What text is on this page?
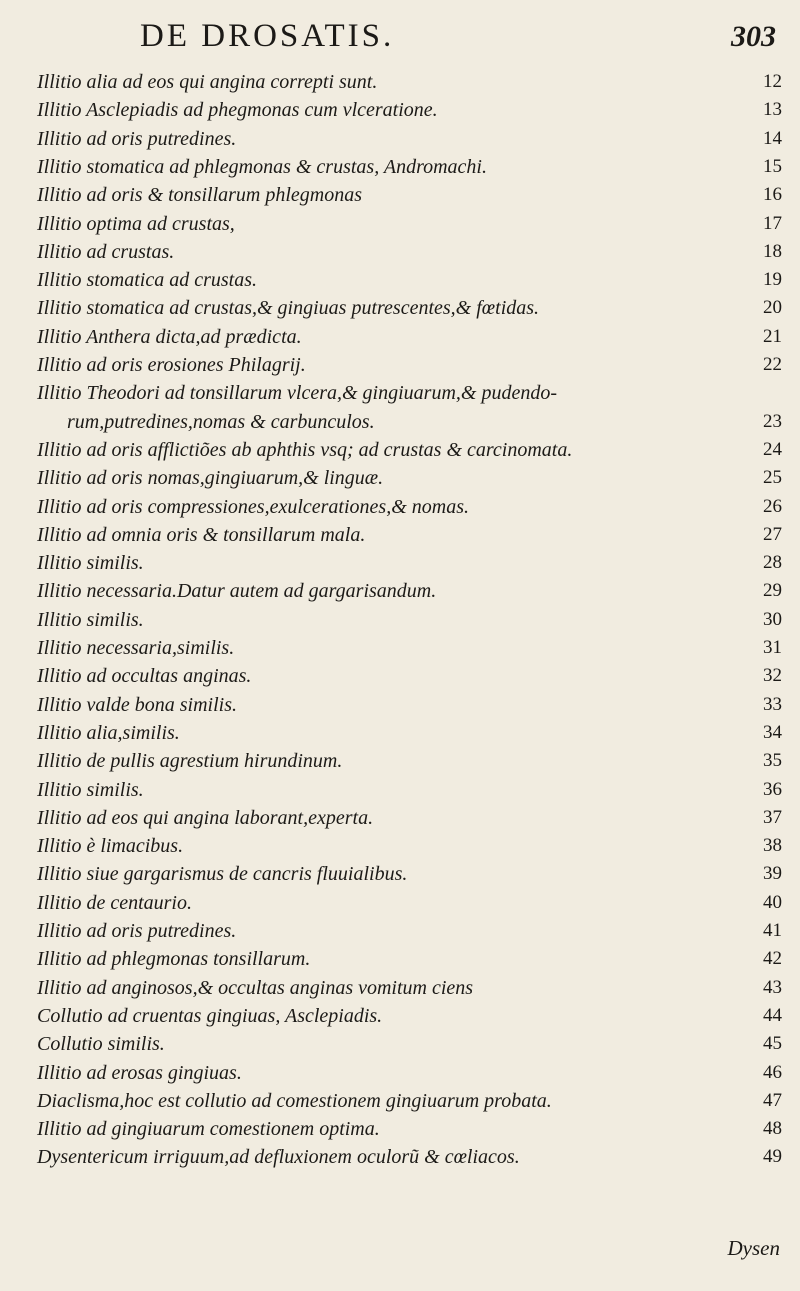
DE DROSATIS.	303
Illitio alia ad eos qui angina correpti sunt.	12
Illitio Asclepiadis ad phegmonas cum vlceratione.	13
Illitio ad oris putredines.	14
Illitio stomatica ad phlegmonas & crustas, Andromachi.	15
Illitio ad oris & tonsillarum phlegmonas	16
Illitio optima ad crustas,	17
Illitio ad crustas.	18
Illitio stomatica ad crustas.	19
Illitio stomatica ad crustas,& gingiuas putrescentes,& fœtidas.	20
Illitio Anthera dicta,ad prædicta.	21
Illitio ad oris erosiones Philagrij.	22
Illitio Theodori ad tonsillarum vlcera,& gingiuarum,& pudendo-
rum,putredines,nomas & carbunculos.	23
Illitio ad oris afflictiões ab aphthis vsq; ad crustas & carcinomata.	24
Illitio ad oris nomas,gingiuarum,& linguæ.	25
Illitio ad oris compressiones,exulcerationes,& nomas.	26
Illitio ad omnia oris & tonsillarum mala.	27
Illitio similis.	28
Illitio necessaria.Datur autem ad gargarisandum.	29
Illitio similis.	30
Illitio necessaria,similis.	31
Illitio ad occultas anginas.	32
Illitio valde bona similis.	33
Illitio alia,similis.	34
Illitio de pullis agrestium hirundinum.	35
Illitio similis.	36
Illitio ad eos qui angina laborant,experta.	37
Illitio è limacibus.	38
Illitio siue gargarismus de cancris fluuialibus.	39
Illitio de centaurio.	40
Illitio ad oris putredines.	41
Illitio ad phlegmonas tonsillarum.	42
Illitio ad anginosos,& occultas anginas vomitum ciens	43
Collutio ad cruentas gingiuas, Asclepiadis.	44
Collutio similis.	45
Illitio ad erosas gingiuas.	46
Diaclisma,hoc est collutio ad comestionem gingiuarum probata.	47
Illitio ad gingiuarum comestionem optima.	48
Dysentericum irriguum,ad defluxionem oculorũ & cœliacos.	49
Dysen
